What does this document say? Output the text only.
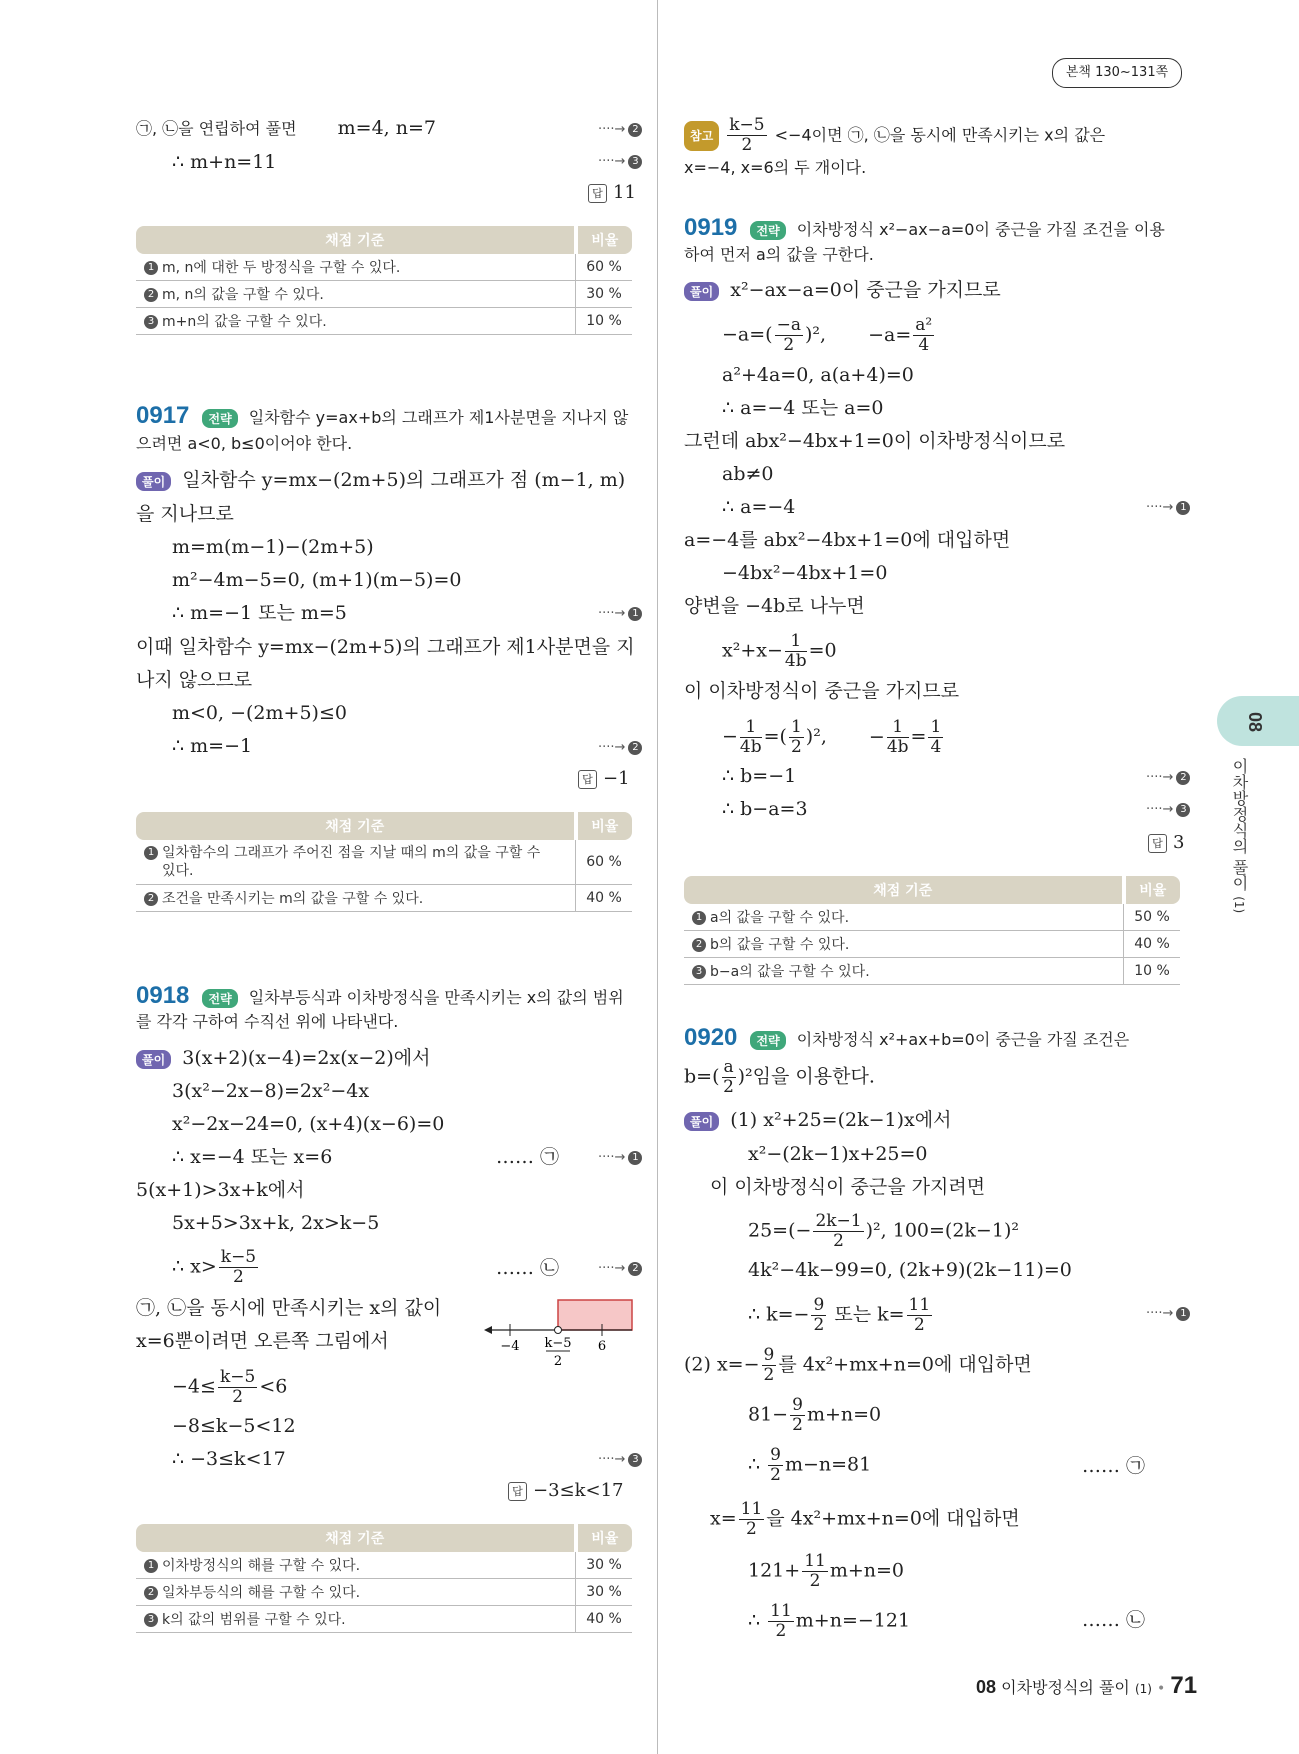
본책 130~131쪽
㉠, ㉡을 연립하여 풀면 m=4, n=7	····→ 2
∴ m+n=11	····→ 3
답 11
채점 기준	비율
1 m, n에 대한 두 방정식을 구할 수 있다.	60 %
2 m, n의 값을 구할 수 있다.	30 %
3 m+n의 값을 구할 수 있다.	10 %
0917 전략 일차함수 y=ax+b의 그래프가 제1사분면을 지나지 않
으려면 a<0, b≤0이어야 한다.
풀이 일차함수 y=mx−(2m+5)의 그래프가 점 (m−1, m)
을 지나므로
m=m(m−1)−(2m+5)
m²−4m−5=0, (m+1)(m−5)=0
∴ m=−1 또는 m=5	····→ 1
이때 일차함수 y=mx−(2m+5)의 그래프가 제1사분면을 지
나지 않으므로
m<0, −(2m+5)≤0
∴ m=−1	····→ 2
답 −1
채점 기준	비율
1 일차함수의 그래프가 주어진 점을 지날 때의 m의 값을 구할 수
있다.	60 %
2 조건을 만족시키는 m의 값을 구할 수 있다.	40 %
0918 전략 일차부등식과 이차방정식을 만족시키는 x의 값의 범위
를 각각 구하여 수직선 위에 나타낸다.
풀이 3(x+2)(x−4)=2x(x−2)에서
3(x²−2x−8)=2x²−4x
x²−2x−24=0, (x+4)(x−6)=0
∴ x=−4 또는 x=6	…… ㉠	····→ 1
5(x+1)>3x+k에서
5x+5>3x+k, 2x>k−5
∴ $x> \frac{k-5}{2}$	…… ㉡	····→ 2
㉠, ㉡을 동시에 만족시키는 x의 값이
x=6뿐이려면 오른쪽 그림에서	−4 k−5
2
6
$-4\le \frac{k-5}{2} <6$
−8≤k−5<12
∴ −3≤k<17	····→ 3
답 −3≤k<17
채점 기준	비율
1 이차방정식의 해를 구할 수 있다.	30 %
2 일차부등식의 해를 구할 수 있다.	30 %
3 k의 값의 범위를 구할 수 있다.	40 %
참고 $\frac{k-5}{2} <-4$이면 ㉠, ㉡을 동시에 만족시키는 x의 값은
x=−4, x=6의 두 개이다.
0919 전략 이차방정식 x²−ax−a=0이 중근을 가질 조건을 이용
하여 먼저 a의 값을 구한다.
풀이 x²−ax−a=0이 중근을 가지므로
$-a=( \frac{-a}{2} )^2$, $-a= \frac{\text{a²}}{4}$
a²+4a=0, a(a+4)=0
∴ a=−4 또는 a=0
그런데 abx²−4bx+1=0이 이차방정식이므로
ab≠0
∴ a=−4	····→ 1
a=−4를 abx²−4bx+1=0에 대입하면
−4bx²−4bx+1=0
양변을 −4b로 나누면
$x^2+x- \frac{1}{4b} =0$
이 이차방정식이 중근을 가지므로
− $\frac{1}{4b}$ =( $\frac{1}{2} )^2$, − $\frac{1}{4b} = \frac{1}{4}$
∴ b=−1	····→ 2
∴ b−a=3	····→ 3
답 3
채점 기준	비율
1 a의 값을 구할 수 있다.	50 %
2 b의 값을 구할 수 있다.	40 %
3 b−a의 값을 구할 수 있다.	10 %
0920 전략 이차방정식 x²+ax+b=0이 중근을 가질 조건은
$b=( \frac{a}{2} )^2$임을 이용한다.
풀이 (1) x²+25=(2k−1)x에서
x²−(2k−1)x+25=0
이 이차방정식이 중근을 가지려면
$25=(- \frac{2k-1}{2} )^2$, 100=(2k−1)²
4k²−4k−99=0, (2k+9)(2k−11)=0
∴ $k=- \frac{9}{2}$ 또는 $k= \frac{11}{2}$	····→ 1
(2) $x=- \frac{9}{2}$ 를 4x²+mx+n=0에 대입하면
$81- \frac{9}{2} m+n=0$
∴ $\frac{9}{2} m-n=81$	…… ㉠
$x= \frac{11}{2}$ 을 4x²+mx+n=0에 대입하면
$121+ \frac{11}{2} m+n=0$
∴ $\frac{11}{2} m+n=-121$	…… ㉡
08
이차방정식의 풀이 (1)
08 이차방정식의 풀이 (1) • 71
